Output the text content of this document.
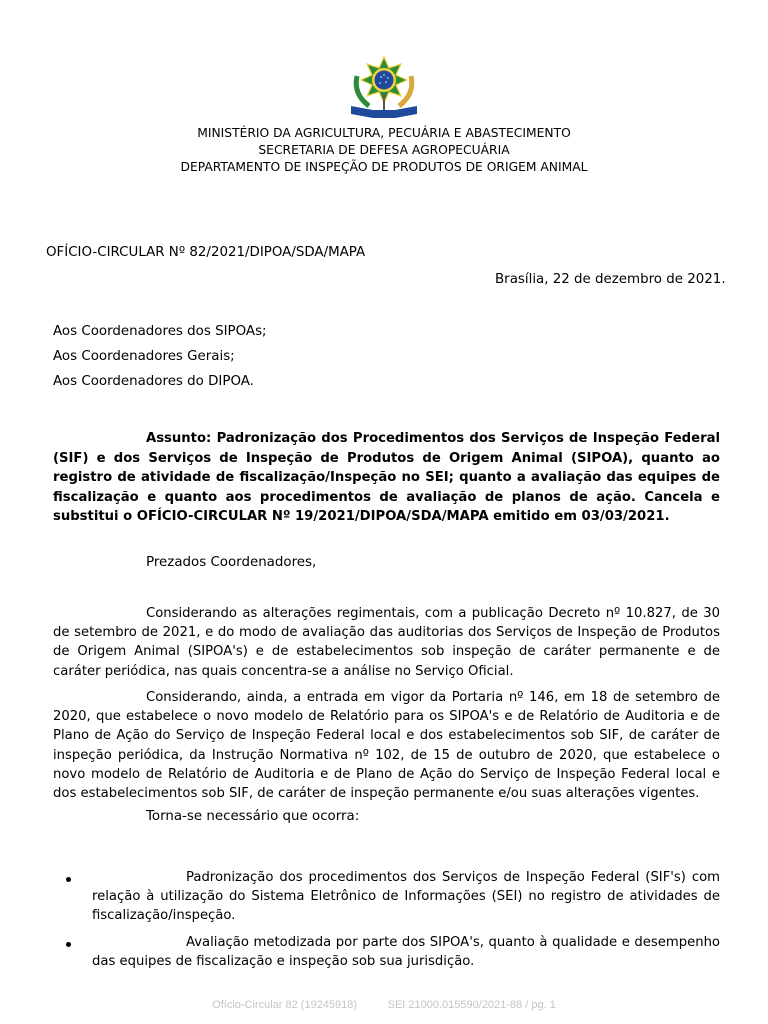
MINISTÉRIO DA AGRICULTURA, PECUÁRIA E ABASTECIMENTO
SECRETARIA DE DEFESA AGROPECUÁRIA
DEPARTAMENTO DE INSPEÇÃO DE PRODUTOS DE ORIGEM ANIMAL
OFÍCIO-CIRCULAR Nº 82/2021/DIPOA/SDA/MAPA
Brasília, 22 de dezembro de 2021.
Aos Coordenadores dos SIPOAs;
Aos Coordenadores Gerais;
Aos Coordenadores do DIPOA.

Assunto: Padronização dos Procedimentos dos Serviços de Inspeção Federal (SIF) e dos Serviços de Inspeção de Produtos de Origem Animal (SIPOA), quanto ao registro de atividade de fiscalização/Inspeção no SEI; quanto a avaliação das equipes de fiscalização e quanto aos procedimentos de avaliação de planos de ação. Cancela e substitui o OFÍCIO-CIRCULAR Nº 19/2021/DIPOA/SDA/MAPA emitido em 03/03/2021.

Prezados Coordenadores,

Considerando as alterações regimentais, com a publicação Decreto nº 10.827, de 30 de setembro de 2021, e do modo de avaliação das auditorias dos Serviços de Inspeção de Produtos de Origem Animal (SIPOA's) e de estabelecimentos sob inspeção de caráter permanente e de caráter periódica, nas quais concentra-se a análise no Serviço Oficial.

Considerando, ainda, a entrada em vigor da Portaria nº 146, em 18 de setembro de 2020, que estabelece o novo modelo de Relatório para os SIPOA's e de Relatório de Auditoria e de Plano de Ação do Serviço de Inspeção Federal local e dos estabelecimentos sob SIF, de caráter de inspeção periódica, da Instrução Normativa nº 102, de 15 de outubro de 2020, que estabelece o novo modelo de Relatório de Auditoria e de Plano de Ação do Serviço de Inspeção Federal local e dos estabelecimentos sob SIF, de caráter de inspeção permanente e/ou suas alterações vigentes.

Torna-se necessário que ocorra:

Padronização dos procedimentos dos Serviços de Inspeção Federal (SIF's) com relação à utilização do Sistema Eletrônico de Informações (SEI) no registro de atividades de fiscalização/inspeção.

Avaliação metodizada por parte dos SIPOA's, quanto à qualidade e desempenho das equipes de fiscalização e inspeção sob sua jurisdição.

Ofício-Circular 82 (19245918)	SEI 21000.015590/2021-88 / pg. 1
